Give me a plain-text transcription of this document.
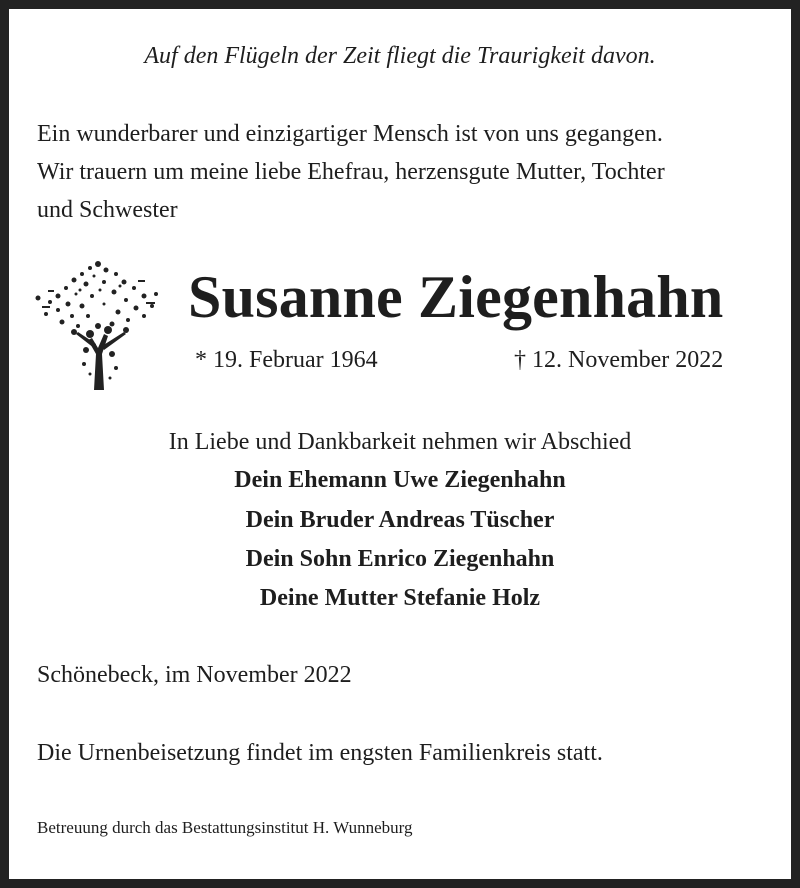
Auf den Flügeln der Zeit fliegt die Traurigkeit davon.
Ein wunderbarer und einzigartiger Mensch ist von uns gegangen.
Wir trauern um meine liebe Ehefrau, herzensgute Mutter, Tochter
und Schwester
Susanne Ziegenhahn
* 19. Februar 1964	† 12. November 2022
In Liebe und Dankbarkeit nehmen wir Abschied
Dein Ehemann Uwe Ziegenhahn
Dein Bruder Andreas Tüscher
Dein Sohn Enrico Ziegenhahn
Deine Mutter Stefanie Holz
Schönebeck, im November 2022
Die Urnenbeisetzung findet im engsten Familienkreis statt.
Betreuung durch das Bestattungsinstitut H. Wunneburg
